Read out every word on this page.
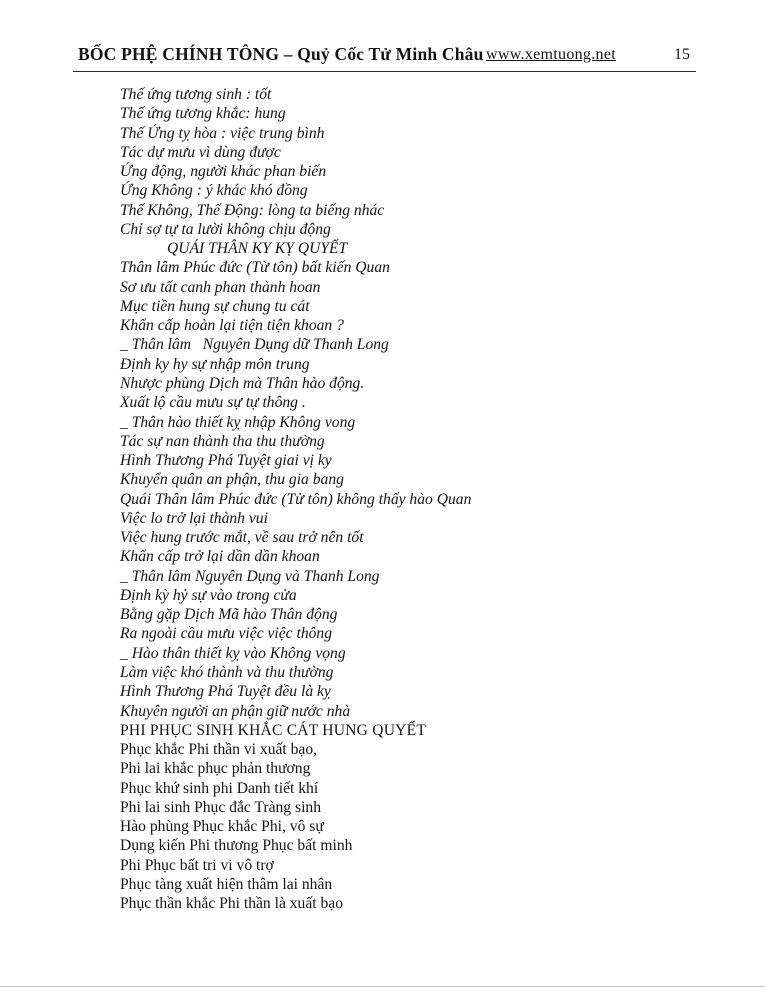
BỐC PHỆ CHÍNH TÔNG – Quỷ Cốc Tử Minh Châu www.xemtuong.net	15
Thế ứng tương sinh : tốt
Thế ứng tương khắc: hung
Thế Ứng tỵ hòa : việc trung bình
Tác dự mưu vì dùng được
Ứng động, người khác phan biến
Ứng Không : ý khác khó đồng
Thế Không, Thế Động: lòng ta biếng nhác
Chỉ sợ tự ta lười không chịu động
QUÁI THÂN KY KỴ QUYẾT
Thân lâm Phúc đức (Từ tôn) bất kiến Quan
Sơ ưu tất canh phan thành hoan
Mục tiền hung sự chung tu cát
Khẩn cấp hoàn lại tiện tiện khoan ?
_ Thân lâm   Nguyên Dụng dữ Thanh Long
Định ky hy sự nhập môn trung
Nhược phùng Dịch mà Thân hào động.
Xuất lộ cầu mưu sự tự thông .
_ Thân hào thiết kỵ nhập Không vong
Tác sự nan thành tha thu thường
Hình Thương Phá Tuyệt giai vị ky
Khuyển quân an phận, thu gia bang
Quái Thân lâm Phúc đức (Tử tôn) không thấy hào Quan
Việc lo trở lại thành vui
Việc hung trước mắt, về sau trở nên tốt
Khẩn cấp trở lại dần dần khoan
_ Thân lâm Nguyên Dụng và Thanh Long
Định kỳ hỷ sự vào trong cửa
Bằng gặp Dịch Mã hào Thân động
Ra ngoài cầu mưu việc việc thông
_ Hào thân thiết kỵ vào Không vọng
Làm việc khó thành và thu thường
Hình Thương Phá Tuyệt đều là kỵ
Khuyên người an phận giữ nước nhà
PHI PHỤC SINH KHẮC CÁT HUNG QUYẾT
Phục khắc Phi thần vi xuất bạo,
Phi lai khắc phục phản thương
Phục khứ sinh phi Danh tiết khí
Phi lai sinh Phục đắc Tràng sinh
Hào phùng Phục khắc Phi, vô sự
Dụng kiến Phi thương Phục bất minh
Phi Phục bất tri vi vô trợ
Phục tàng xuất hiện thâm lai nhân
Phục thần khắc Phi thần là xuất bạo
